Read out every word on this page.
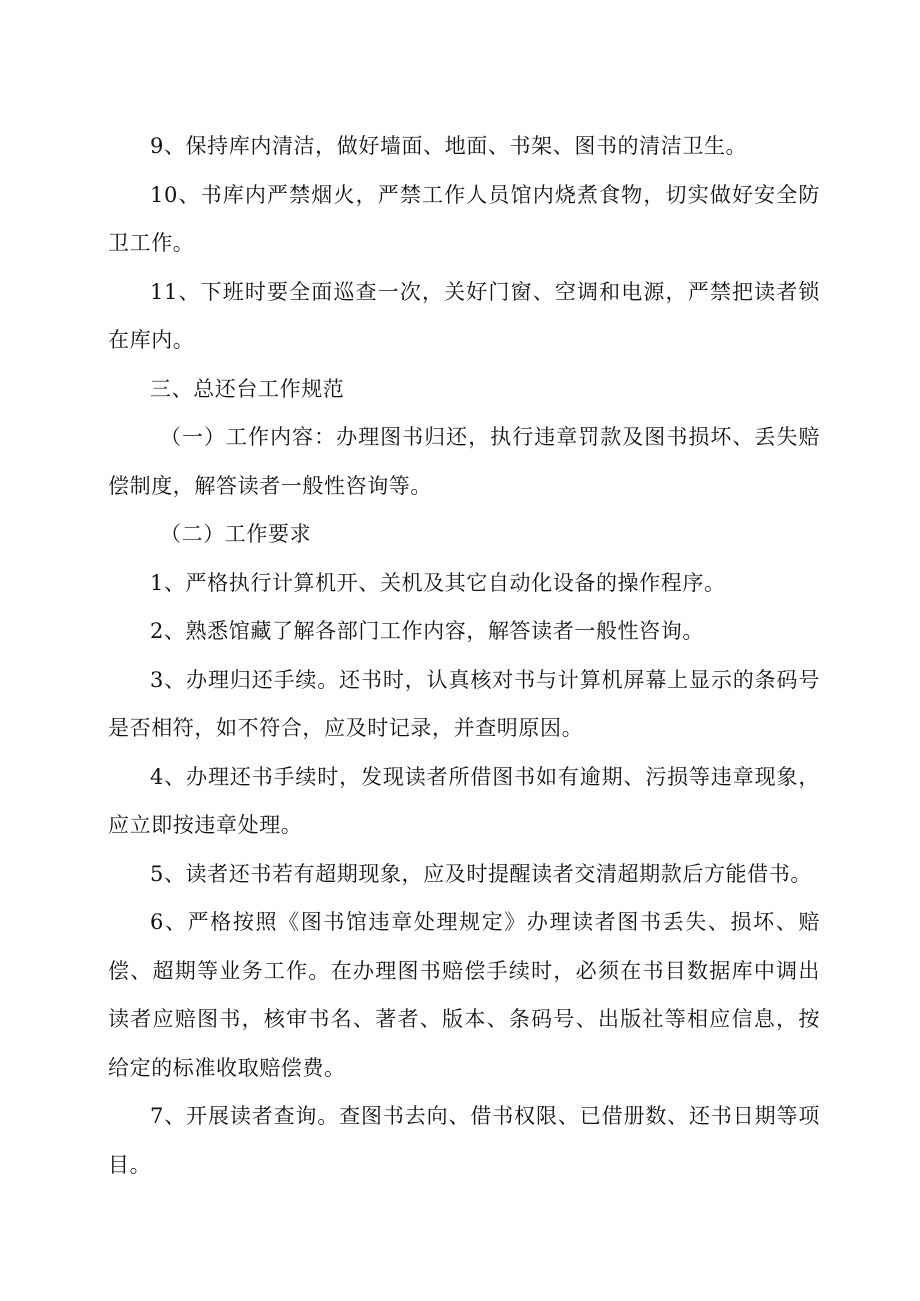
9、保持库内清洁，做好墙面、地面、书架、图书的清洁卫生。

10、书库内严禁烟火，严禁工作人员馆内烧煮食物，切实做好安全防卫工作。

11、下班时要全面巡查一次，关好门窗、空调和电源，严禁把读者锁在库内。

三、总还台工作规范

（一）工作内容：办理图书归还，执行违章罚款及图书损坏、丢失赔偿制度，解答读者一般性咨询等。

（二）工作要求

1、严格执行计算机开、关机及其它自动化设备的操作程序。

2、熟悉馆藏了解各部门工作内容，解答读者一般性咨询。

3、办理归还手续。还书时，认真核对书与计算机屏幕上显示的条码号是否相符，如不符合，应及时记录，并查明原因。

4、办理还书手续时，发现读者所借图书如有逾期、污损等违章现象，应立即按违章处理。

5、读者还书若有超期现象，应及时提醒读者交清超期款后方能借书。

6、严格按照《图书馆违章处理规定》办理读者图书丢失、损坏、赔偿、超期等业务工作。在办理图书赔偿手续时，必须在书目数据库中调出读者应赔图书，核审书名、著者、版本、条码号、出版社等相应信息，按给定的标准收取赔偿费。

7、开展读者查询。查图书去向、借书权限、已借册数、还书日期等项目。
